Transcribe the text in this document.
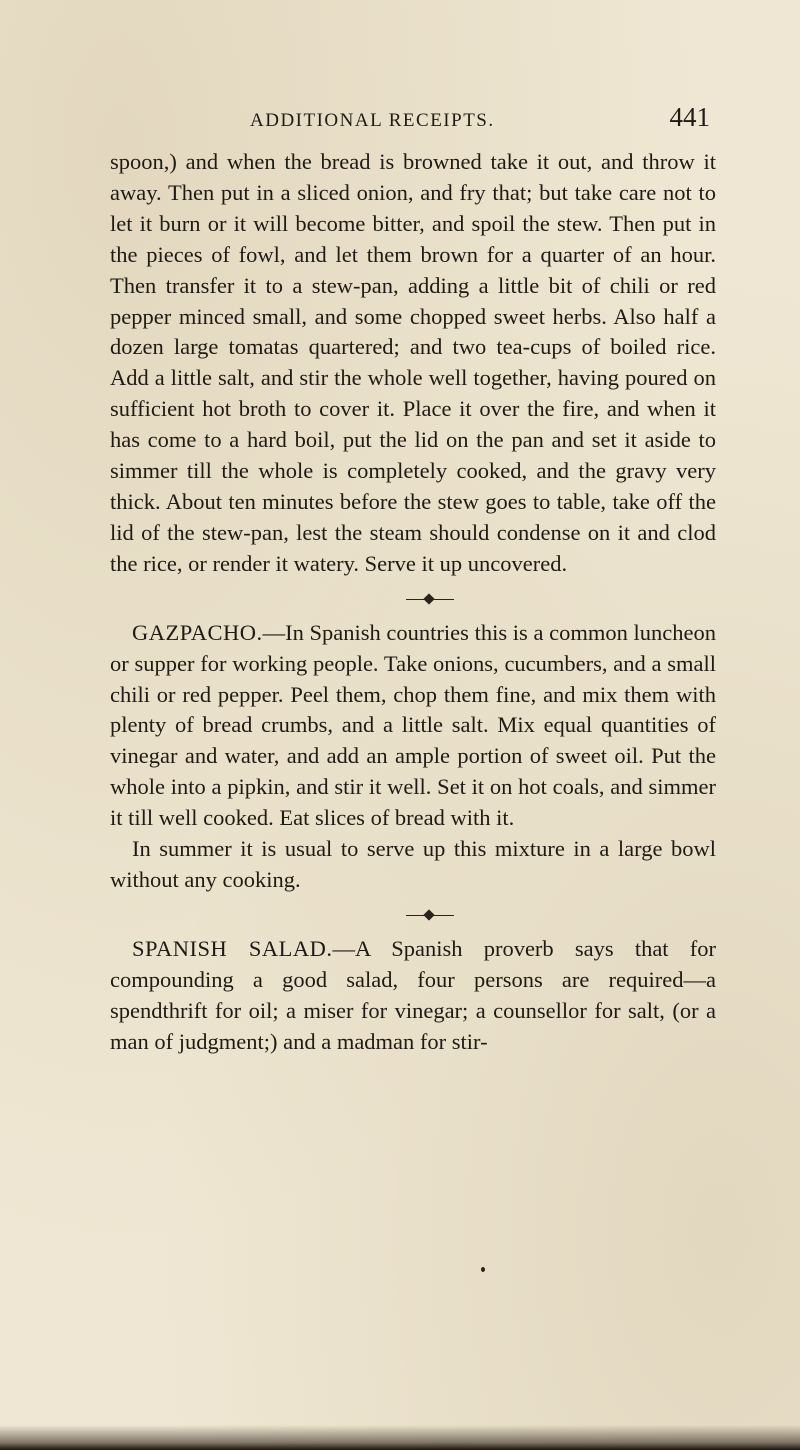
ADDITIONAL RECEIPTS.	441

spoon,) and when the bread is browned take it out, and throw it away. Then put in a sliced onion, and fry that; but take care not to let it burn or it will become bitter, and spoil the stew. Then put in the pieces of fowl, and let them brown for a quarter of an hour. Then transfer it to a stew-pan, adding a little bit of chili or red pepper minced small, and some chopped sweet herbs. Also half a dozen large tomatas quartered; and two tea-cups of boiled rice. Add a little salt, and stir the whole well together, having poured on sufficient hot broth to cover it. Place it over the fire, and when it has come to a hard boil, put the lid on the pan and set it aside to simmer till the whole is completely cooked, and the gravy very thick. About ten minutes before the stew goes to table, take off the lid of the stew-pan, lest the steam should condense on it and clod the rice, or render it watery. Serve it up uncovered.

GAZPACHO.—In Spanish countries this is a common luncheon or supper for working people. Take onions, cucumbers, and a small chili or red pepper. Peel them, chop them fine, and mix them with plenty of bread crumbs, and a little salt. Mix equal quantities of vinegar and water, and add an ample portion of sweet oil. Put the whole into a pipkin, and stir it well. Set it on hot coals, and simmer it till well cooked. Eat slices of bread with it.

In summer it is usual to serve up this mixture in a large bowl without any cooking.

SPANISH SALAD.—A Spanish proverb says that for compounding a good salad, four persons are required—a spendthrift for oil; a miser for vinegar; a counsellor for salt, (or a man of judgment;) and a madman for stir-
